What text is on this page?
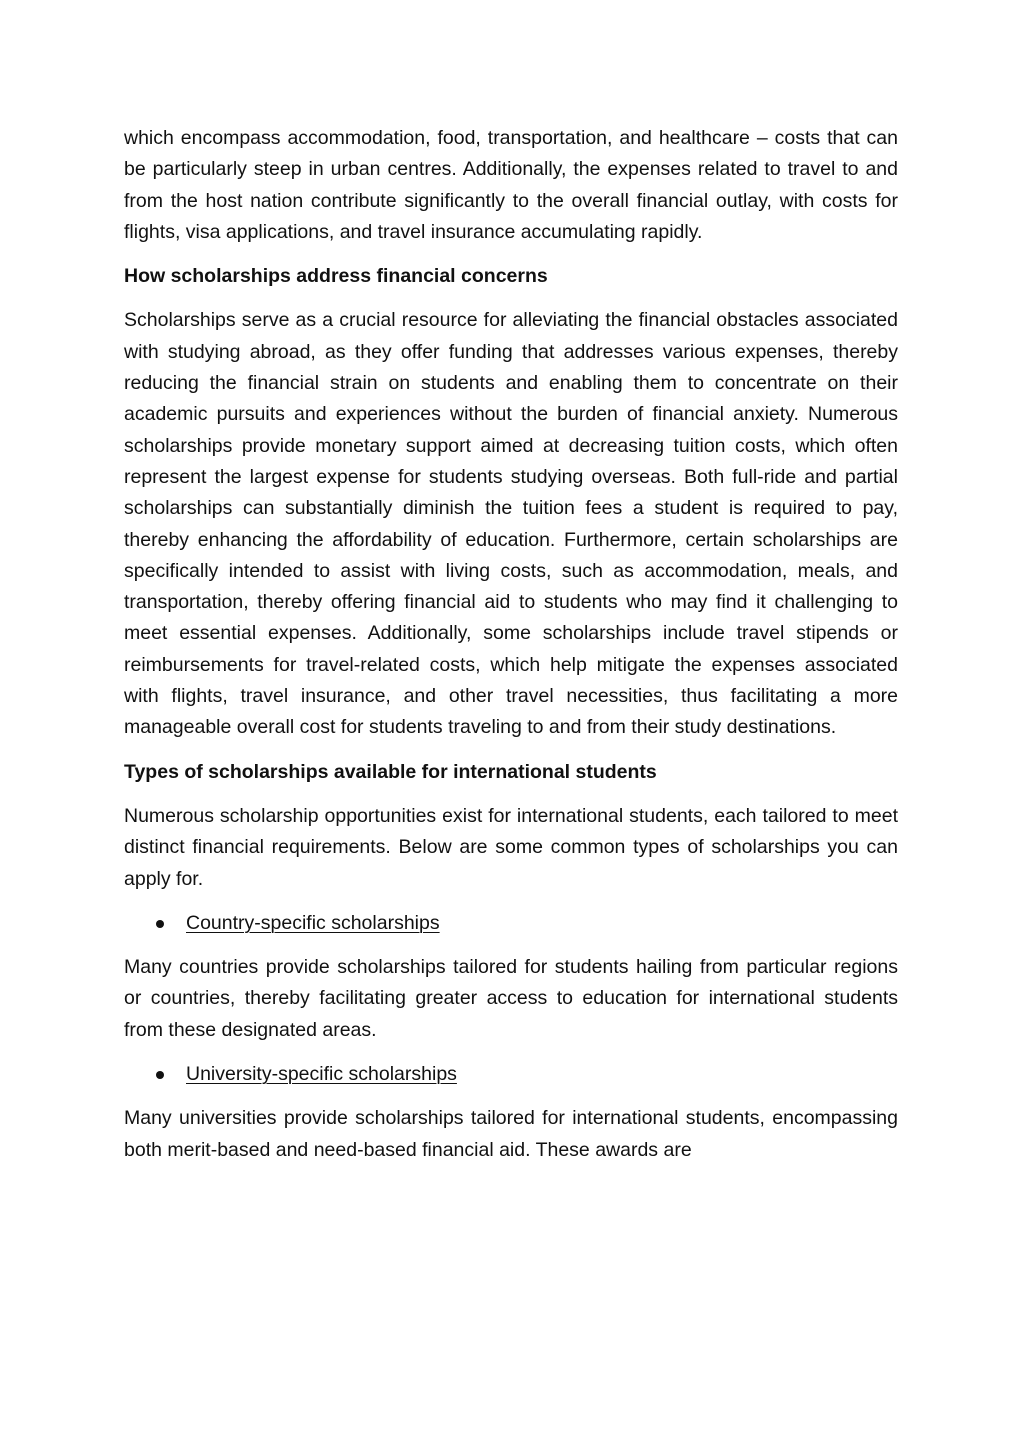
which encompass accommodation, food, transportation, and healthcare – costs that can be particularly steep in urban centres. Additionally, the expenses related to travel to and from the host nation contribute significantly to the overall financial outlay, with costs for flights, visa applications, and travel insurance accumulating rapidly.

How scholarships address financial concerns

Scholarships serve as a crucial resource for alleviating the financial obstacles associated with studying abroad, as they offer funding that addresses various expenses, thereby reducing the financial strain on students and enabling them to concentrate on their academic pursuits and experiences without the burden of financial anxiety. Numerous scholarships provide monetary support aimed at decreasing tuition costs, which often represent the largest expense for students studying overseas. Both full-ride and partial scholarships can substantially diminish the tuition fees a student is required to pay, thereby enhancing the affordability of education. Furthermore, certain scholarships are specifically intended to assist with living costs, such as accommodation, meals, and transportation, thereby offering financial aid to students who may find it challenging to meet essential expenses. Additionally, some scholarships include travel stipends or reimbursements for travel-related costs, which help mitigate the expenses associated with flights, travel insurance, and other travel necessities, thus facilitating a more manageable overall cost for students traveling to and from their study destinations.

Types of scholarships available for international students

Numerous scholarship opportunities exist for international students, each tailored to meet distinct financial requirements. Below are some common types of scholarships you can apply for.

Country-specific scholarships

Many countries provide scholarships tailored for students hailing from particular regions or countries, thereby facilitating greater access to education for international students from these designated areas.

University-specific scholarships

Many universities provide scholarships tailored for international students, encompassing both merit-based and need-based financial aid. These awards are
